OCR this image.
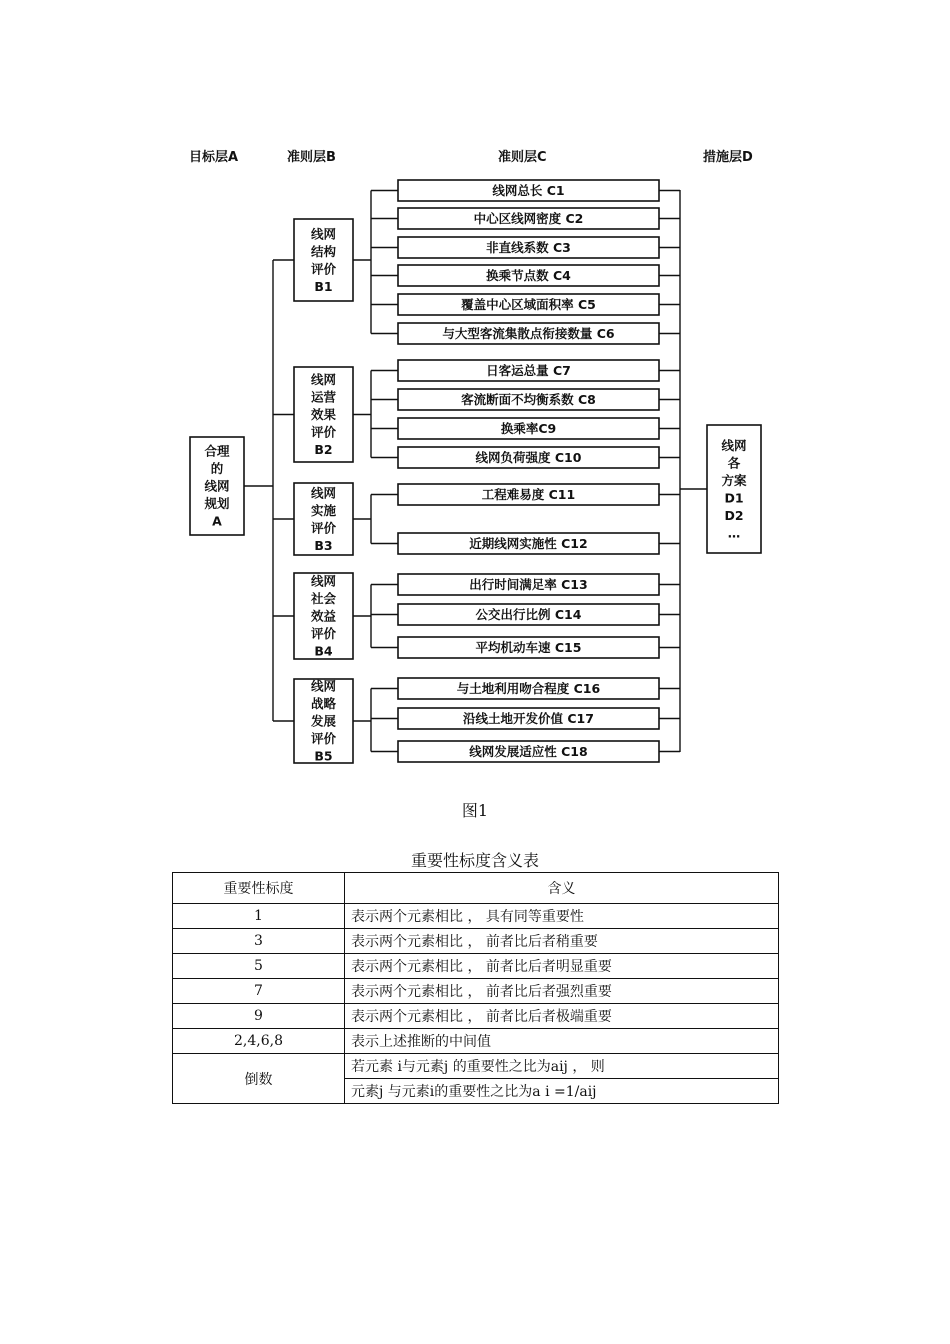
目标层A	准则层B	准则层C	措施层D
合理
的
线网
规划
A
线网
各
方案
D1
D2
…
线网
结构
评价
B1
线网总长 C1
中心区线网密度 C2
非直线系数 C3
换乘节点数 C4
覆盖中心区域面积率 C5
与大型客流集散点衔接数量 C6
线网
运营
效果
评价
B2
日客运总量 C7
客流断面不均衡系数 C8
换乘率C9
线网负荷强度 C10
线网
实施
评价
B3
工程难易度 C11
近期线网实施性 C12
线网
社会
效益
评价
B4
出行时间满足率 C13
公交出行比例 C14
平均机动车速 C15
线网
战略
发展
评价
B5
与土地利用吻合程度 C16
沿线土地开发价值 C17
线网发展适应性 C18
图1
重要性标度含义表
重要性标度	含义
1	表示两个元素相比 ， 具有同等重要性
3	表示两个元素相比 ， 前者比后者稍重要
5	表示两个元素相比 ， 前者比后者明显重要
7	表示两个元素相比 ， 前者比后者强烈重要
9	表示两个元素相比 ， 前者比后者极端重要
2,4,6,8	表示上述推断的中间值
倒数	若元素 i与元素j 的重要性之比为aij ， 则
	元素j 与元素i的重要性之比为a i =1/aij
